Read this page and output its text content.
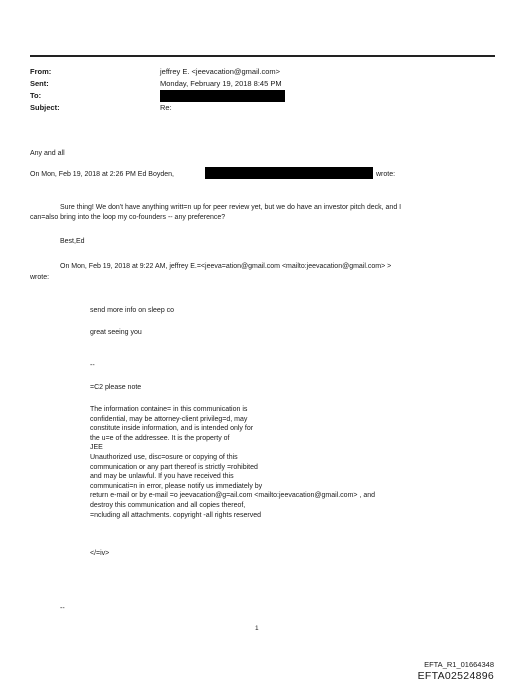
From:	jeffrey E. <jeevacation@gmail.com>
Sent:	Monday, February 19, 2018 8:45 PM
To:
Subject:	Re:
Any and all
On Mon, Feb 19, 2018 at 2:26 PM Ed Boyden,	wrote:
Sure thing! We don't have anything writt=n up for peer review yet, but we do have an investor pitch deck, and I
can=also bring into the loop my co-founders -- any preference?
Best,Ed
On Mon, Feb 19, 2018 at 9:22 AM, jeffrey E.=<jeeva=ation@gmail.com <mailto:jeevacation@gmail.com> >
wrote:
send more info on sleep co
great seeing you
--
=C2 please note
The information containe= in this communication is
confidential, may be attorney-client privileg=d, may
constitute inside information, and is intended only for
the u=e of the addressee. It is the property of
JEE
Unauthorized use, disc=osure or copying of this
communication or any part thereof is strictly =rohibited
and may be unlawful. If you have received this
communicati=n in error, please notify us immediately by
return e-mail or by e-mail =o jeevacation@g=ail.com <mailto:jeevacation@gmail.com> , and
destroy this communication and all copies thereof,
=ncluding all attachments. copyright -all rights reserved
</=iv>
--
1
EFTA_R1_01664348
EFTA02524896
